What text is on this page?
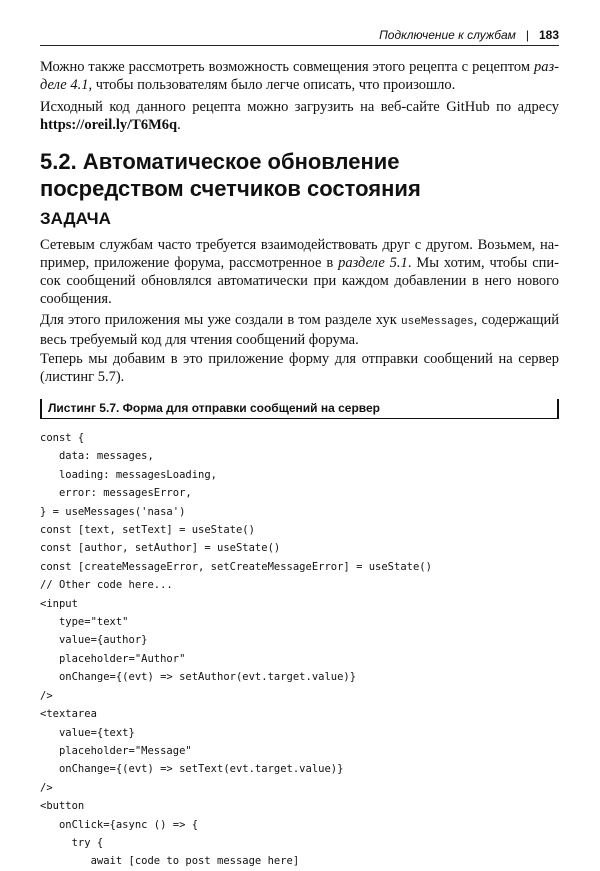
Подключение к службам | 183
Можно также рассмотреть возможность совмещения этого рецепта с рецептом раз-
деле 4.1, чтобы пользователям было легче описать, что произошло.
Исходный код данного рецепта можно загрузить на веб-сайте GitHub по адресу
https://oreil.ly/T6M6q.
5.2. Автоматическое обновление
посредством счетчиков состояния
ЗАДАЧА
Сетевым службам часто требуется взаимодействовать друг с другом. Возьмем, на-
пример, приложение форума, рассмотренное в разделе 5.1. Мы хотим, чтобы спи-
сок сообщений обновлялся автоматически при каждом добавлении в него нового
сообщения.
Для этого приложения мы уже создали в том разделе хук useMessages, содержащий
весь требуемый код для чтения сообщений форума.
Теперь мы добавим в это приложение форму для отправки сообщений на сервер
(листинг 5.7).
Листинг 5.7. Форма для отправки сообщений на сервер
const {
data: messages,
loading: messagesLoading,
error: messagesError,
} = useMessages('nasa')
const [text, setText] = useState()
const [author, setAuthor] = useState()
const [createMessageError, setCreateMessageError] = useState()
// Other code here...
<input
type="text"
value={author}
placeholder="Author"
onChange={(evt) => setAuthor(evt.target.value)}
/>
<textarea
value={text}
placeholder="Message"
onChange={(evt) => setText(evt.target.value)}
/>
<button
onClick={async () => {
try {
await [code to post message here]
